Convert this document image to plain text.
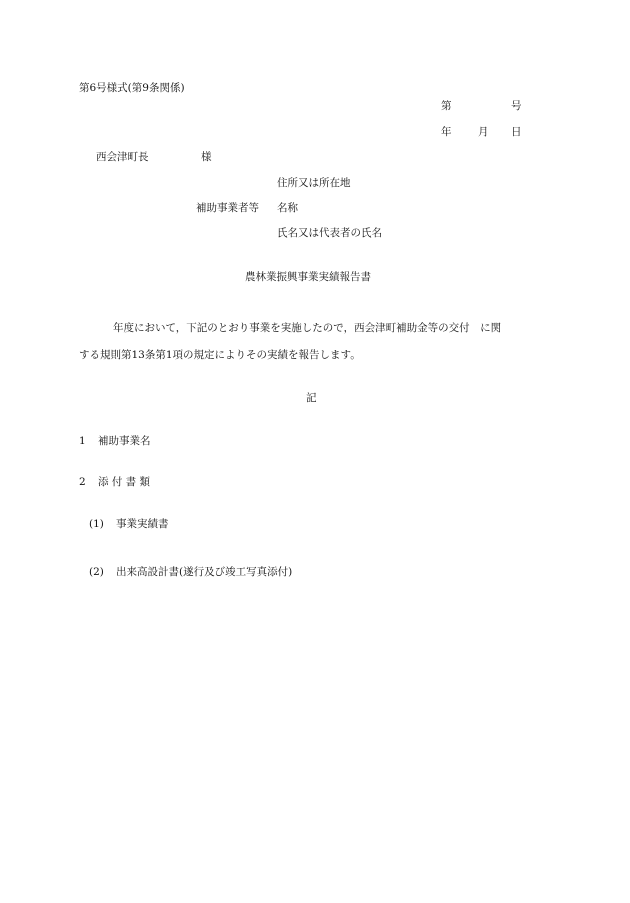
第6号様式(第9条関係)
第	号
年	月 日
西会津町長	様
住所又は所在地
補助事業者等 名称
氏名又は代表者の氏名
農林業振興事業実績報告書
年度において，下記のとおり事業を実施したので，西会津町補助金等の交付　に関
する規則第13条第1項の規定によりその実績を報告します。
記
1 補助事業名
2 添 付 書 類
(1) 事業実績書
(2) 出来高設計書(遂行及び竣工写真添付)
